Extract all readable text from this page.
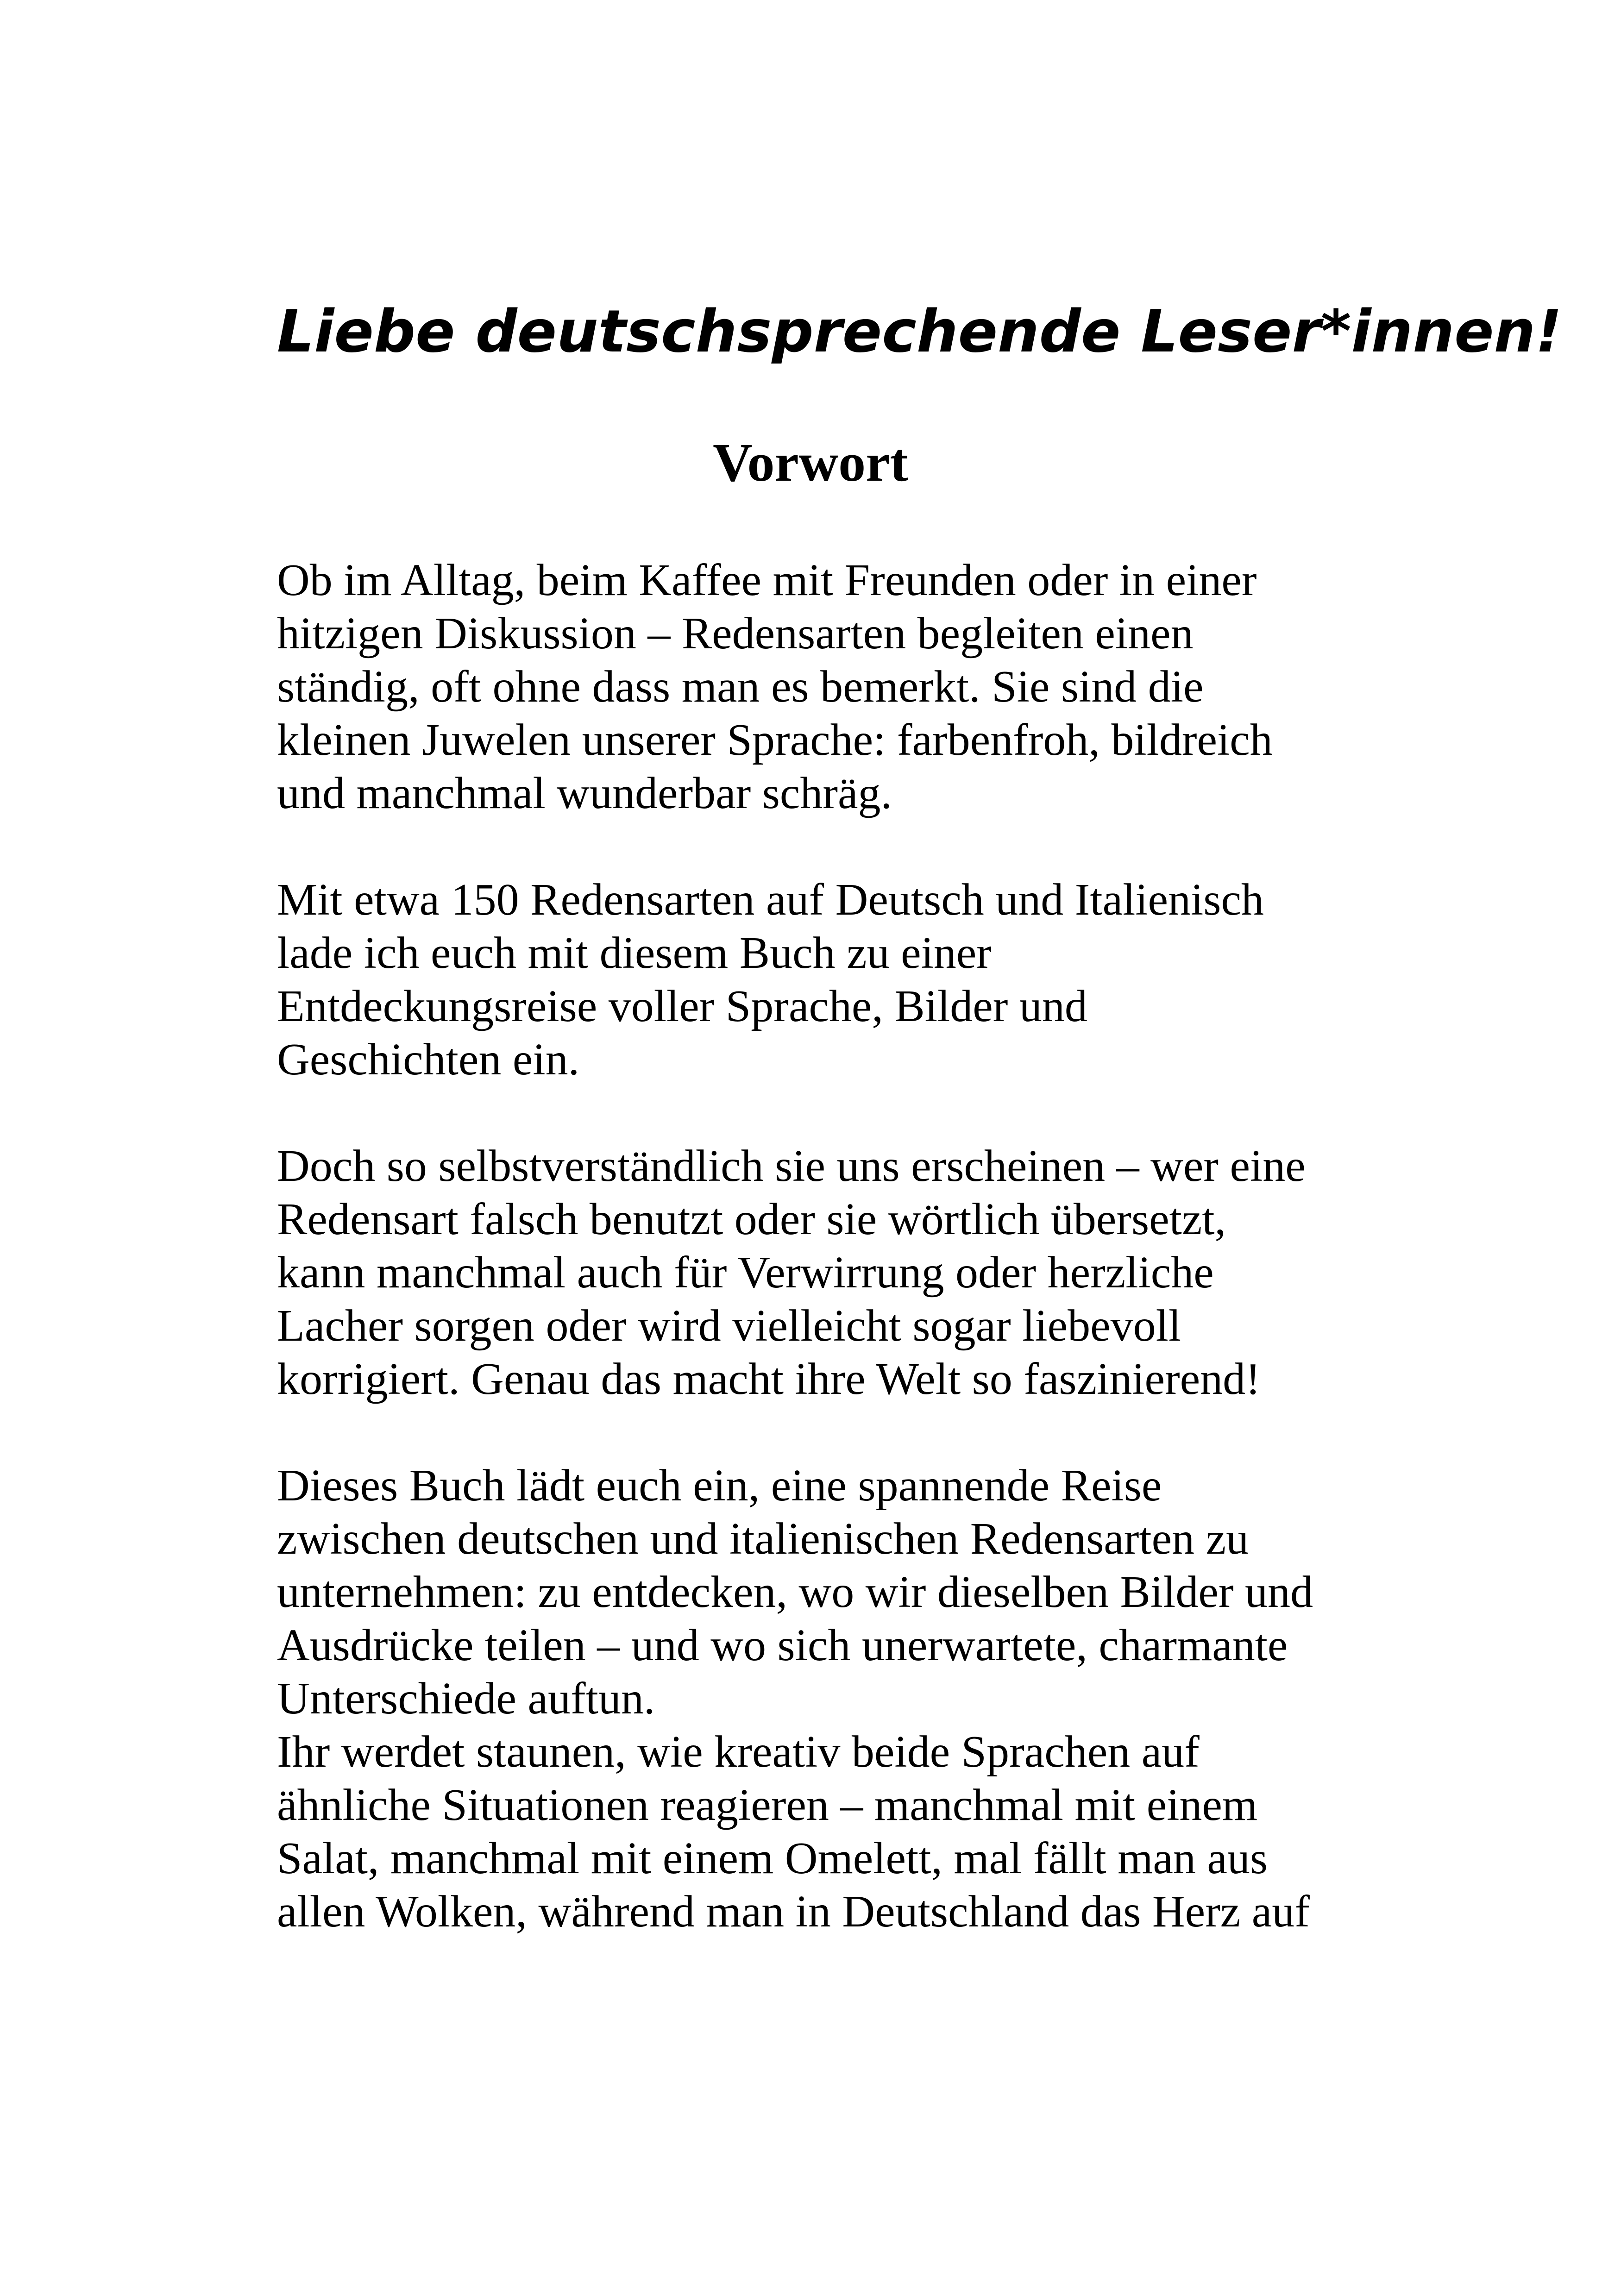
Liebe deutschsprechende Leser*innen!
Vorwort
Ob im Alltag, beim Kaffee mit Freunden oder in einer
hitzigen Diskussion – Redensarten begleiten einen
ständig, oft ohne dass man es bemerkt. Sie sind die
kleinen Juwelen unserer Sprache: farbenfroh, bildreich
und manchmal wunderbar schräg.
Mit etwa 150 Redensarten auf Deutsch und Italienisch
lade ich euch mit diesem Buch zu einer
Entdeckungsreise voller Sprache, Bilder und
Geschichten ein.
Doch so selbstverständlich sie uns erscheinen – wer eine
Redensart falsch benutzt oder sie wörtlich übersetzt,
kann manchmal auch für Verwirrung oder herzliche
Lacher sorgen oder wird vielleicht sogar liebevoll
korrigiert. Genau das macht ihre Welt so faszinierend!
Dieses Buch lädt euch ein, eine spannende Reise
zwischen deutschen und italienischen Redensarten zu
unternehmen: zu entdecken, wo wir dieselben Bilder und
Ausdrücke teilen – und wo sich unerwartete, charmante
Unterschiede auftun.
Ihr werdet staunen, wie kreativ beide Sprachen auf
ähnliche Situationen reagieren – manchmal mit einem
Salat, manchmal mit einem Omelett, mal fällt man aus
allen Wolken, während man in Deutschland das Herz auf
